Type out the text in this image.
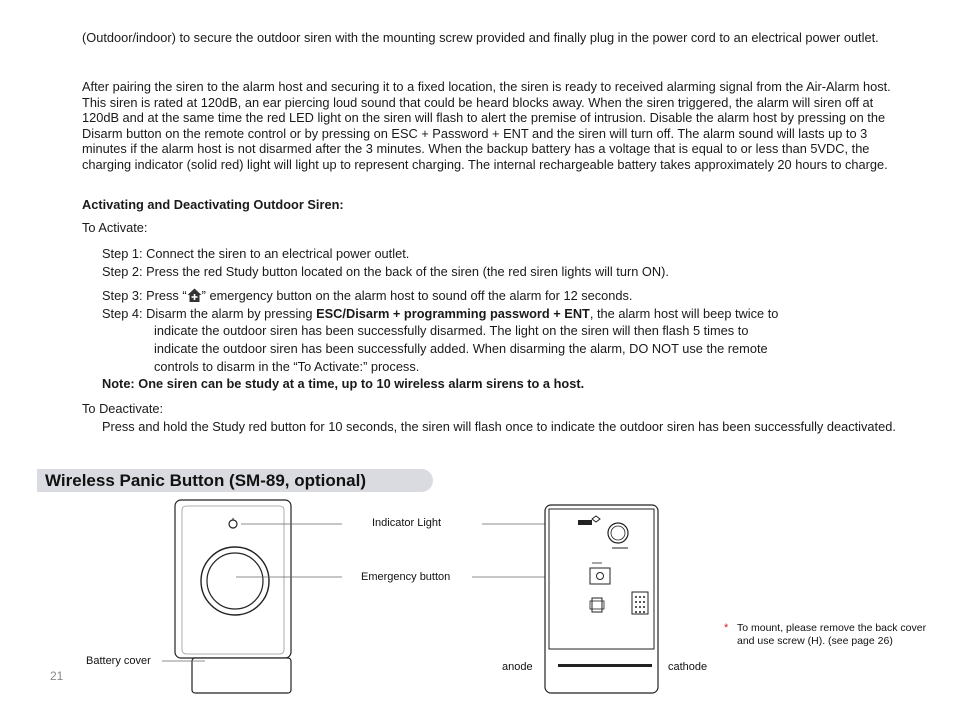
(Outdoor/indoor) to secure the outdoor siren with the mounting screw provided and finally plug in the power cord to an electrical power outlet.
After pairing the siren to the alarm host and securing it to a fixed location, the siren is ready to received alarming signal from the Air-Alarm host. This siren is rated at 120dB, an ear piercing loud sound that could be heard blocks away. When the siren triggered, the alarm will siren off at 120dB and at the same time the red LED light on the siren will flash to alert the premise of intrusion. Disable the alarm host by pressing on the Disarm button on the remote control or by pressing on ESC + Password + ENT and the siren will turn off. The alarm sound will lasts up to 3 minutes if the alarm host is not disarmed after the 3 minutes. When the backup battery has a voltage that is equal to or less than 5VDC, the charging indicator (solid red) light will light up to represent charging. The internal rechargeable battery takes approximately 20 hours to charge.
Activating and Deactivating Outdoor Siren:
To Activate:
Step 1: Connect the siren to an electrical power outlet.
Step 2: Press the red Study button located on the back of the siren (the red siren lights will turn ON).
Step 3: Press “ ” emergency button on the alarm host to sound off the alarm for 12 seconds.
Step 4: Disarm the alarm by pressing ESC/Disarm + programming password + ENT, the alarm host will beep twice to
indicate the outdoor siren has been successfully disarmed. The light on the siren will then flash 5 times to
indicate the outdoor siren has been successfully added. When disarming the alarm, DO NOT use the remote
controls to disarm in the “To Activate:” process.
Note: One siren can be study at a time, up to 10 wireless alarm sirens to a host.
To Deactivate:
Press and hold the Study red button for 10 seconds, the siren will flash once to indicate the outdoor siren has been successfully deactivated.
Wireless Panic Button (SM-89, optional)
Indicator Light
Emergency button
Battery cover	anode	cathode
* To mount, please remove the back cover
and use screw (H). (see page 26)
21
